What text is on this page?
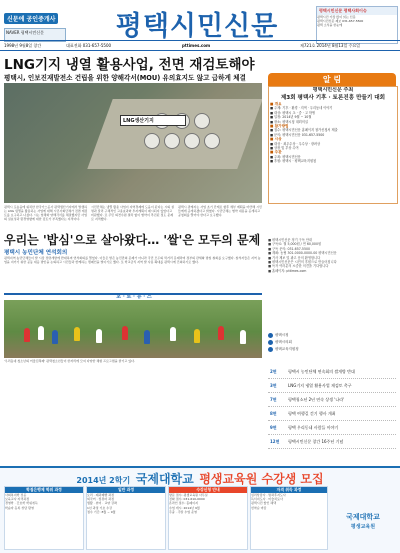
신문에 공인중개사
NAVER 평택시민신문	평택시민신문
평택시민신문 평택사회이슈
평택시민 가장 많이 읽는 신문
평택시민신문 제보 031-657-5500
평택 소식을 한눈에
1998년 9월8일 창간	대표전화 031-657-5500	pttimes.com	제721호 2014년 8월13일 수요일
LNG기지 냉열 활용사업, 전면 재검토해야
평택시, 인보진재발전소 건립을 위한 양해각서(MOU) 유의효지도 않고 급하게 체결
LNG생산기지
평택시 포승읍에 위치한 한국가스공사 평택생산기지에서 발생하는 LNG 냉열을 활용하는 사업에 대해 시민사회단체가 전면 재검토를 요구하고 나섰다. 시는 업체와 양해각서를 체결했지만 사업의 실효성과 환경영향에 대한 검토가 부족했다는 지적이다.
시민단체는 냉열 활용 사업이 지역경제에 도움이 된다는 시의 설명과 달리 구체적인 고용효과와 투자계획이 제시되지 않았다고 비판했다. 또 주민 의견수렴 절차 없이 협약이 추진된 점도 문제로 지적했다.
평택시 관계자는 사업 초기 단계로 향후 세부 계획을 마련해 시민들에게 공개하겠다고 밝혔다. 시민단체는 협약 내용을 공개하고 공청회를 열어야 한다고 요구했다.
알 림
평택시민신문 주최
제3회 평택사 기후 · 토론진흥 만들기 대회
■ 개요
■ 주제: 기후 · 환경 · 지역 · 우리동네 이야기
■ 대상: 평택시 초 · 중 · 고 학생
■ 일정: 2014년 9월 ~ 10월
■ 장소: 평택시청 대회의실
■ 참가방법
■ 접수: 평택시민신문 홈페이지 참가신청서 제출
■ 문의: 평택시민신문 031-657-5500
■ 시상
■ 대상 · 최우수상 · 우수상 · 장려상
■ 상장 및 부상 수여
■ 주관
■ 주최: 평택시민신문
■ 후원: 평택시 · 평택교육지원청
우리는 '밥심'으로 살아왔다… '쌀'은 모두의 문제
평택시 농민단체 연석회의
평택지역 농민단체들이 쌀 시장 전면개방에 반대하며 연석회의를 열었다. 이들은 쌀은 농민만의 문제가 아니라 국민 모두의 먹거리 문제라며 정부의 관세화 방침 철회를 요구했다. 참석자들은 지역 농업을 지키기 위한 공동 대응 방안을 논의하고 시민들과 함께하는 캠페인을 벌이기로 했다. 또 학교급식 지역 쌀 사용 확대를 평택시에 건의하기로 했다.
포 · 토 · 뉴 · 스
'우리동네 청소년의 어울림축제' 평택청소년들이 한자리에 모여 다양한 체험 프로그램을 즐기고 있다.
■ 평택시민신문 정기 구독 안내
■ 구독료: 월 5,000원 / 연 60,000원
■ 구독 문의: 031-657-5500
■ 계좌: 농협 301-0000-0000-00 평택시민신문
■ 기사 제보 및 광고 문의 환영합니다
■ 평택시민신문은 시민의 후원으로 만들어집니다
■ 독자 여러분의 소중한 의견을 기다립니다
■ 홈페이지: pttimes.com
평택시청
평택시의회
평택교육지원청
2면	평택시 농민단체 연속회의 쌀개방 반대
3면	LNG기지 냉열 활용사업 재검토 촉구
7면	평택청소년 2년 연속 상생 '나라'
8면	평택 여행길 걷기 행사 개최
9면	평택 우리동네 사람들 이야기
12면	평택시민신문 창간 16주년 기념
2014년 2학기 국제대학교 평생교육원 수강생 모집
학점은행제 학위 과정
사회복지학 전공
보육교사 자격과정
경영학 · 간호학 학위취득
학습자 등록 상담 환영
일반 과정
요리 · 제과제빵 과정
외국어 · 컴퓨터 과정
생활 · 취미 · 교양 강좌
1년 과정 기초 수강
접수 기간: 8월 ~ 9월
수강신청 안내
방문 접수: 평생교육원 사무실
전화 접수: 031-610-0000
온라인 접수: 홈페이지
수업 개시: 2014년 9월
주중 · 주말 수업 운영
자격 취득 과정
심리상담사 · 방과후지도사
독서지도사 · 미술치료사
평택시민 할인 혜택
선착순 마감
국제대학교
평생교육원
